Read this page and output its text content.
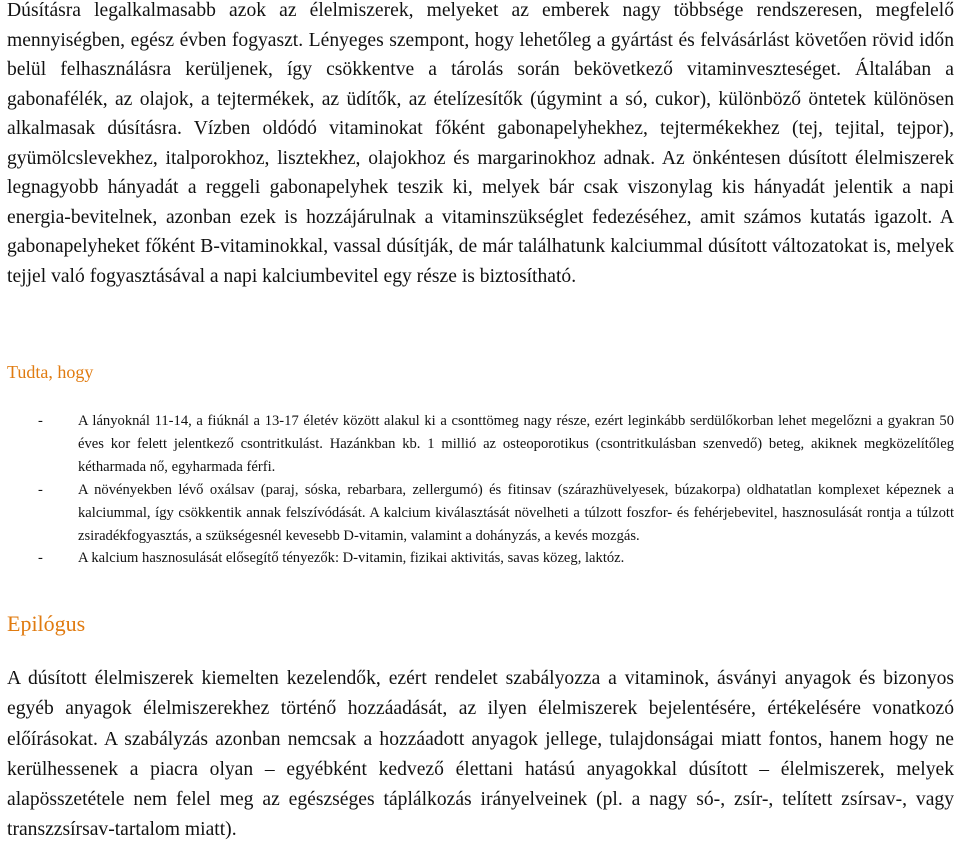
Dúsításra legalkalmasabb azok az élelmiszerek, melyeket az emberek nagy többsége rendszeresen, megfelelő mennyiségben, egész évben fogyaszt. Lényeges szempont, hogy lehetőleg a gyártást és felvásárlást követően rövid időn belül felhasználásra kerüljenek, így csökkentve a tárolás során bekövetkező vitaminveszteséget. Általában a gabonafélék, az olajok, a tejtermékek, az üdítők, az ételízesítők (úgymint a só, cukor), különböző öntetek különösen alkalmasak dúsításra. Vízben oldódó vitaminokat főként gabonapelyhekhez, tejtermékekhez (tej, tejital, tejpor), gyümölcslevekhez, italporokhoz, lisztekhez, olajokhoz és margarinokhoz adnak. Az önkéntesen dúsított élelmiszerek legnagyobb hányadát a reggeli gabonapelyhek teszik ki, melyek bár csak viszonylag kis hányadát jelentik a napi energia-bevitelnek, azonban ezek is hozzájárulnak a vitaminszükséglet fedezéséhez, amit számos kutatás igazolt. A gabonapelyheket főként B-vitaminokkal, vassal dúsítják, de már találhatunk kalciummal dúsított változatokat is, melyek tejjel való fogyasztásával a napi kalciumbevitel egy része is biztosítható.

Tudta, hogy
- A lányoknál 11-14, a fiúknál a 13-17 életév között alakul ki a csonttömeg nagy része, ezért leginkább serdülőkorban lehet megelőzni a gyakran 50 éves kor felett jelentkező csontritkulást. Hazánkban kb. 1 millió az osteoporotikus (csontritkulásban szenvedő) beteg, akiknek megközelítőleg kétharmada nő, egyharmada férfi.
- A növényekben lévő oxálsav (paraj, sóska, rebarbara, zellergumó) és fitinsav (szárazhüvelyesek, búzakorpa) oldhatatlan komplexet képeznek a kalciummal, így csökkentik annak felszívódását. A kalcium kiválasztását növelheti a túlzott foszfor- és fehérjebevitel, hasznosulását rontja a túlzott zsiradékfogyasztás, a szükségesnél kevesebb D-vitamin, valamint a dohányzás, a kevés mozgás.
- A kalcium hasznosulását elősegítő tényezők: D-vitamin, fizikai aktivitás, savas közeg, laktóz.
Epilógus

A dúsított élelmiszerek kiemelten kezelendők, ezért rendelet szabályozza a vitaminok, ásványi anyagok és bizonyos egyéb anyagok élelmiszerekhez történő hozzáadását, az ilyen élelmiszerek bejelentésére, értékelésére vonatkozó előírásokat. A szabályzás azonban nemcsak a hozzáadott anyagok jellege, tulajdonságai miatt fontos, hanem hogy ne kerülhessenek a piacra olyan – egyébként kedvező élettani hatású anyagokkal dúsított – élelmiszerek, melyek alapösszetétele nem felel meg az egészséges táplálkozás irányelveinek (pl. a nagy só-, zsír-, telített zsírsav-, vagy transzzsírsav-tartalom miatt).
